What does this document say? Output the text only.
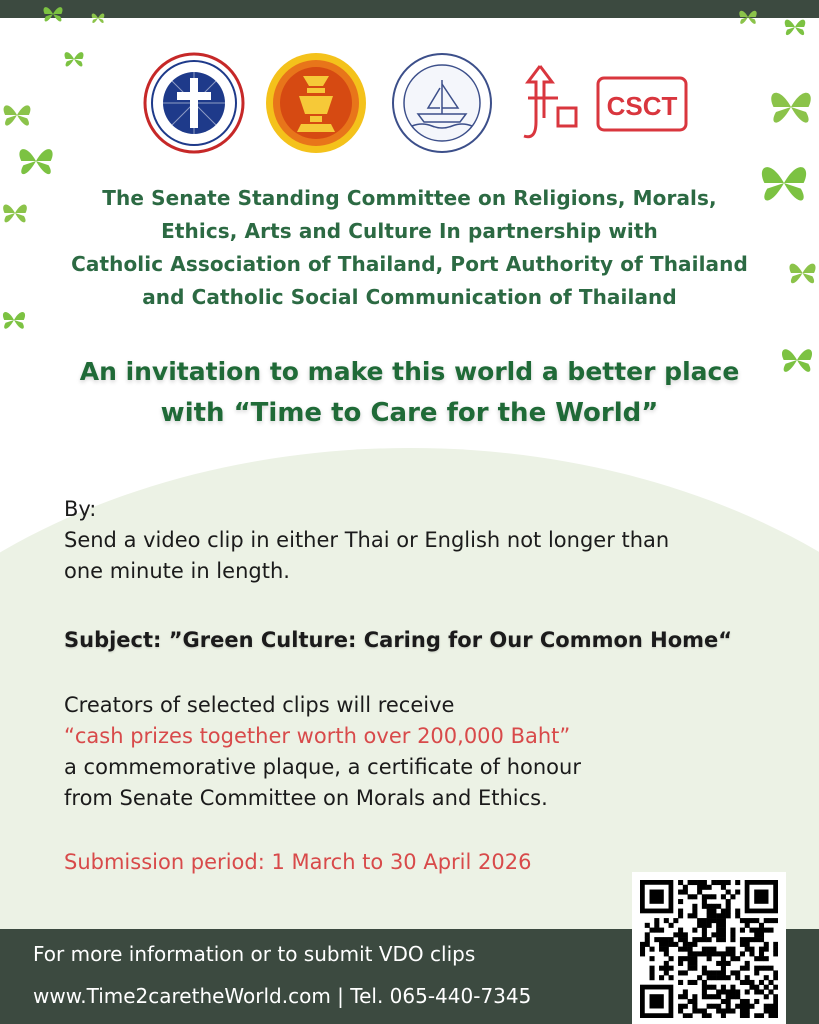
CSCT
The Senate Standing Committee on Religions, Morals,
Ethics, Arts and Culture In partnership with
Catholic Association of Thailand, Port Authority of Thailand
and Catholic Social Communication of Thailand
An invitation to make this world a better place
with “Time to Care for the World”

By:

Send a video clip in either Thai or English not longer than

one minute in length.

Subject: ”Green Culture: Caring for Our Common Home“

Creators of selected clips will receive

“cash prizes together worth over 200,000 Baht”

a commemorative plaque, a certificate of honour

from Senate Committee on Morals and Ethics.

Submission period: 1 March to 30 April 2026

For more information or to submit VDO clips
www.Time2caretheWorld.com | Tel. 065-440-7345
